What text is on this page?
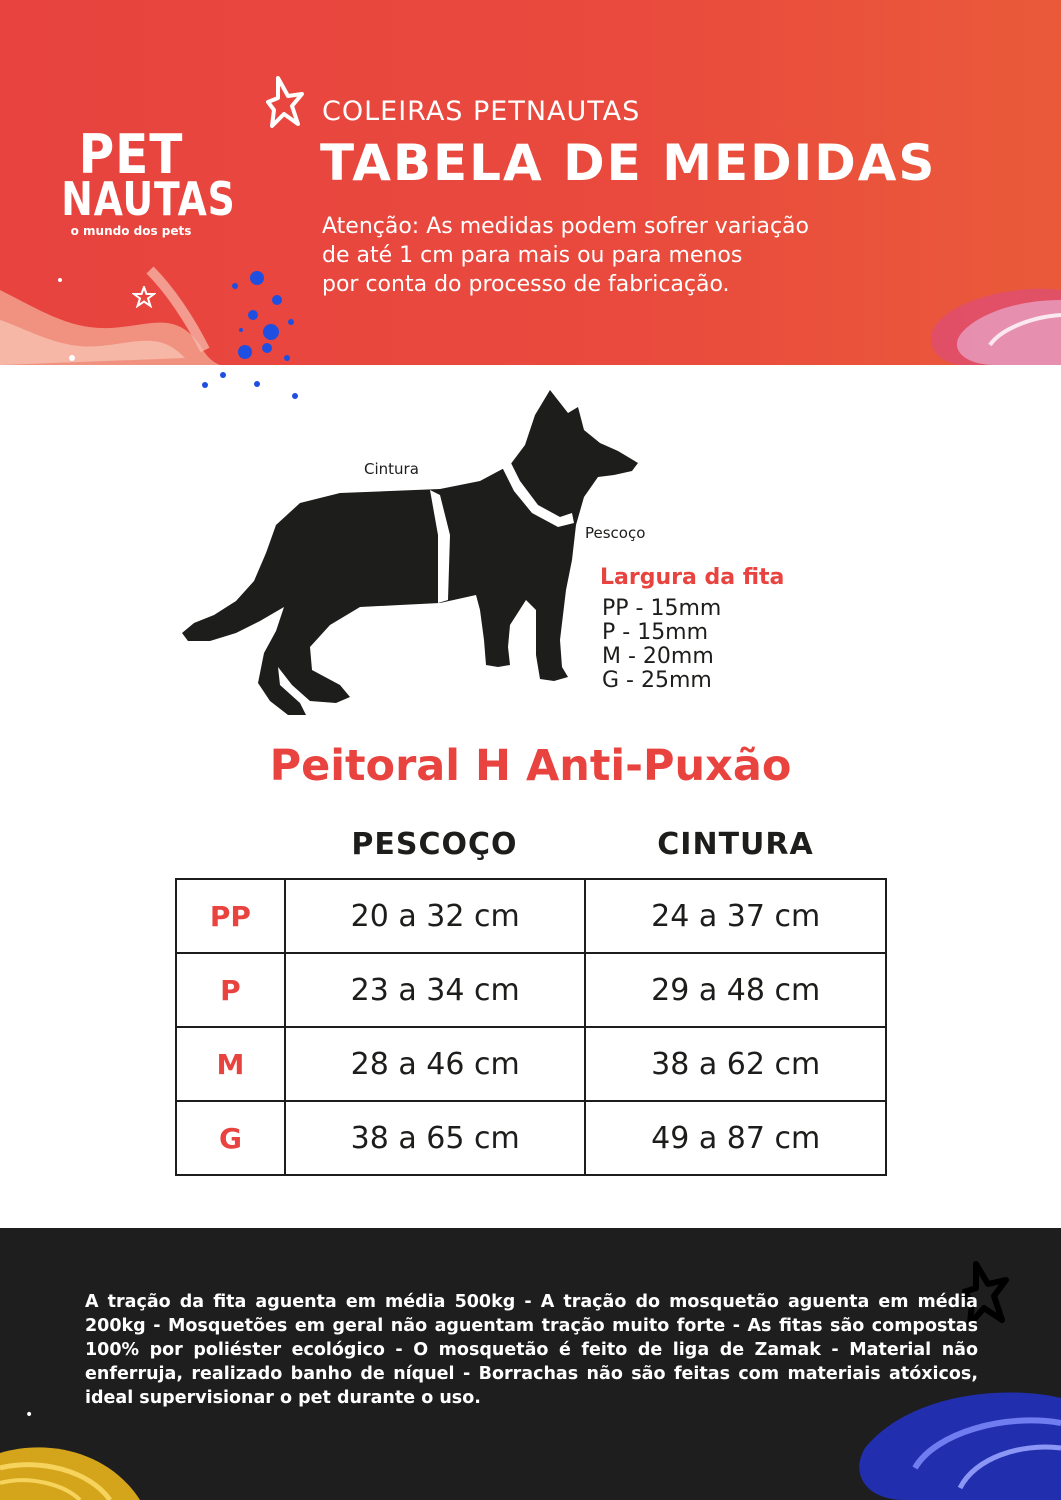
PET
NAUTAS
o mundo dos pets
COLEIRAS PETNAUTAS
TABELA DE MEDIDAS
Atenção: As medidas podem sofrer variação
de até 1 cm para mais ou para menos
por conta do processo de fabricação.
Cintura
Pescoço
Largura da fita
PP - 15mm
P - 15mm
M - 20mm
G - 25mm
Peitoral H Anti-Puxão
PESCOÇO	CINTURA
PP	20 a 32 cm	24 a 37 cm
P	23 a 34 cm	29 a 48 cm
M	28 a 46 cm	38 a 62 cm
G	38 a 65 cm	49 a 87 cm
•
A tração da fita aguenta em média 500kg - A tração do mosquetão aguenta em média
200kg - Mosquetões em geral não aguentam tração muito forte - As fitas são compostas
100% por poliéster ecológico - O mosquetão é feito de liga de Zamak - Material não
enferruja, realizado banho de níquel - Borrachas não são feitas com materiais atóxicos,
ideal supervisionar o pet durante o uso.
